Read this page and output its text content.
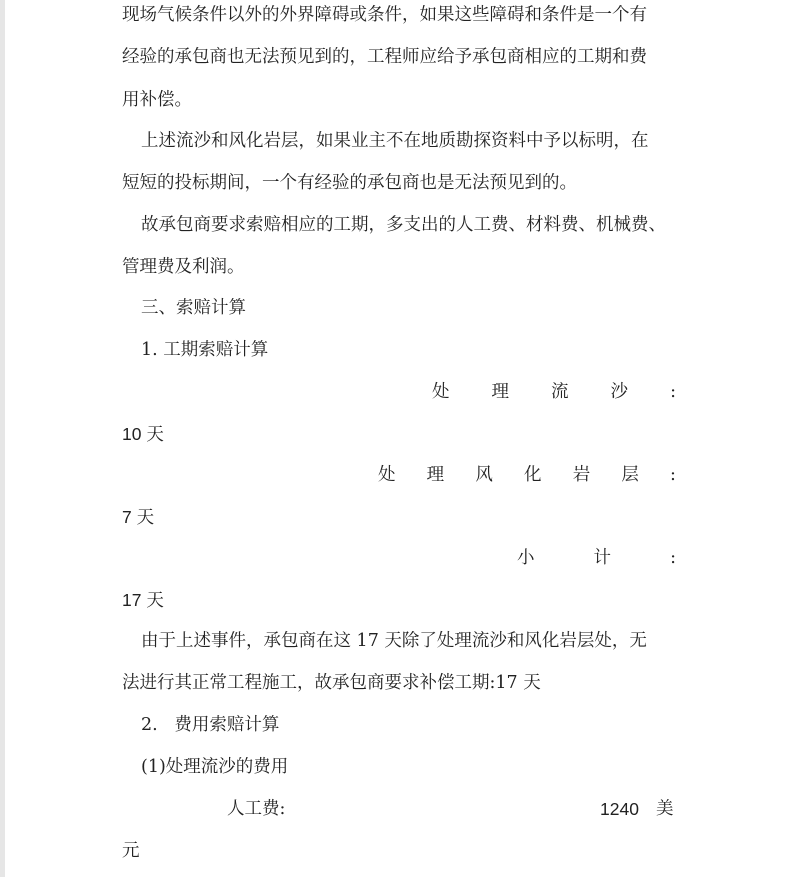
现场气候条件以外的外界障碍或条件，如果这些障碍和条件是一个有
经验的承包商也无法预见到的，工程师应给予承包商相应的工期和费
用补偿。
上述流沙和风化岩层，如果业主不在地质勘探资料中予以标明，在
短短的投标期间，一个有经验的承包商也是无法预见到的。
故承包商要求索赔相应的工期，多支出的人工费、材料费、机械费、
管理费及利润。
三、索赔计算
1. 工期索赔计算
处 理 流 沙 :
10 天
处 理 风 化 岩 层 :
7 天
小	计	:
17 天
由于上述事件，承包商在这 17 天除了处理流沙和风化岩层处，无
法进行其正常工程施工，故承包商要求补偿工期:17 天
2.   费用索赔计算
(1)处理流沙的费用
人工费:	1240 美
元
